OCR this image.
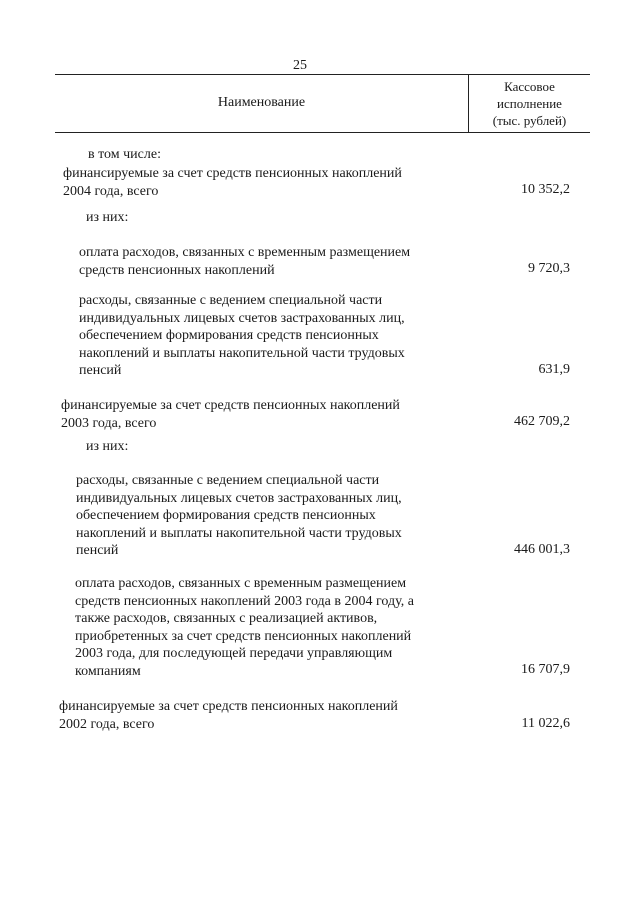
25
Наименование
Кассовое
исполнение
(тыс. рублей)
в том числе:
финансируемые за счет средств пенсионных накоплений
2004 года, всего	10 352,2
из них:
оплата расходов, связанных с временным размещением
средств пенсионных накоплений	9 720,3
расходы, связанные с ведением специальной части
индивидуальных лицевых счетов застрахованных лиц,
обеспечением формирования средств пенсионных
накоплений и выплаты накопительной части трудовых
пенсий	631,9
финансируемые за счет средств пенсионных накоплений
2003 года, всего	462 709,2
из них:
расходы, связанные с ведением специальной части
индивидуальных лицевых счетов застрахованных лиц,
обеспечением формирования средств пенсионных
накоплений и выплаты накопительной части трудовых
пенсий	446 001,3
оплата расходов, связанных с временным размещением
средств пенсионных накоплений 2003 года в 2004 году, а
также расходов, связанных с реализацией активов,
приобретенных за счет средств пенсионных накоплений
2003 года, для последующей передачи управляющим
компаниям	16 707,9
финансируемые за счет средств пенсионных накоплений
2002 года, всего	11 022,6
